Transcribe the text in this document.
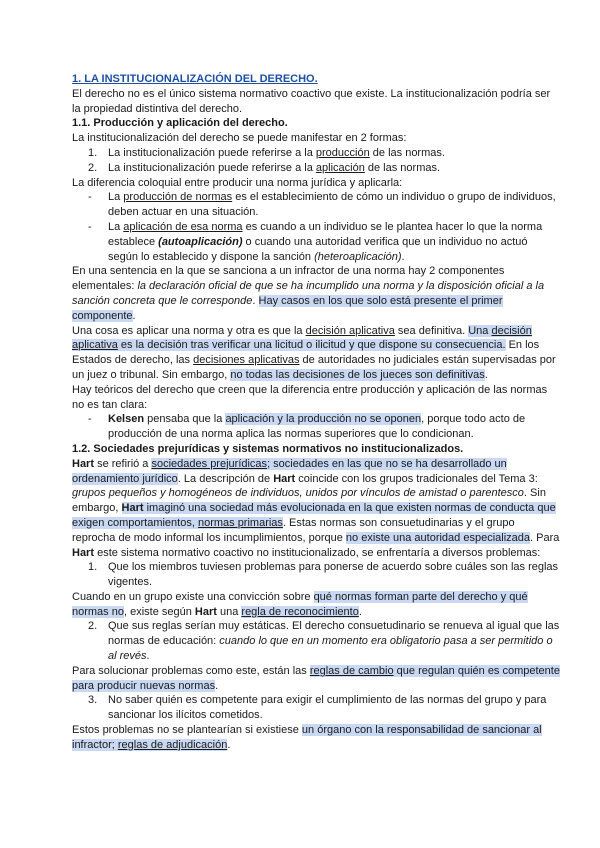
1. LA INSTITUCIONALIZACIÓN DEL DERECHO.

El derecho no es el único sistema normativo coactivo que existe. La institucionalización podría ser la propiedad distintiva del derecho.

1.1. Producción y aplicación del derecho.

La institucionalización del derecho se puede manifestar en 2 formas:

1. La institucionalización puede referirse a la producción de las normas.
2. La institucionalización puede referirse a la aplicación de las normas.

La diferencia coloquial entre producir una norma jurídica y aplicarla:

- La producción de normas es el establecimiento de cómo un individuo o grupo de individuos, deben actuar en una situación.
- La aplicación de esa norma es cuando a un individuo se le plantea hacer lo que la norma establece (autoaplicación) o cuando una autoridad verifica que un individuo no actuó según lo establecido y dispone la sanción (heteroaplicación).

En una sentencia en la que se sanciona a un infractor de una norma hay 2 componentes elementales: la declaración oficial de que se ha incumplido una norma y la disposición oficial a la sanción concreta que le corresponde. Hay casos en los que solo está presente el primer componente.

Una cosa es aplicar una norma y otra es que la decisión aplicativa sea definitiva. Una decisión aplicativa es la decisión tras verificar una licitud o ilicitud y que dispone su consecuencia. En los Estados de derecho, las decisiones aplicativas de autoridades no judiciales están supervisadas por un juez o tribunal. Sin embargo, no todas las decisiones de los jueces son definitivas.

Hay teóricos del derecho que creen que la diferencia entre producción y aplicación de las normas no es tan clara:

- Kelsen pensaba que la aplicación y la producción no se oponen, porque todo acto de producción de una norma aplica las normas superiores que lo condicionan.

1.2. Sociedades prejurídicas y sistemas normativos no institucionalizados.

Hart se refirió a sociedades prejurídicas; sociedades en las que no se ha desarrollado un ordenamiento jurídico. La descripción de Hart coincide con los grupos tradicionales del Tema 3: grupos pequeños y homogéneos de individuos, unidos por vínculos de amistad o parentesco. Sin embargo, Hart imaginó una sociedad más evolucionada en la que existen normas de conducta que exigen comportamientos, normas primarias. Estas normas son consuetudinarias y el grupo reprocha de modo informal los incumplimientos, porque no existe una autoridad especializada. Para Hart este sistema normativo coactivo no institucionalizado, se enfrentaría a diversos problemas:

1. Que los miembros tuviesen problemas para ponerse de acuerdo sobre cuáles son las reglas vigentes.

Cuando en un grupo existe una convicción sobre qué normas forman parte del derecho y qué normas no, existe según Hart una regla de reconocimiento.

2. Que sus reglas serían muy estáticas. El derecho consuetudinario se renueva al igual que las normas de educación: cuando lo que en un momento era obligatorio pasa a ser permitido o al revés.

Para solucionar problemas como este, están las reglas de cambio que regulan quién es competente para producir nuevas normas.

3. No saber quién es competente para exigir el cumplimiento de las normas del grupo y para sancionar los ilícitos cometidos.

Estos problemas no se plantearían si existiese un órgano con la responsabilidad de sancionar al infractor; reglas de adjudicación.
